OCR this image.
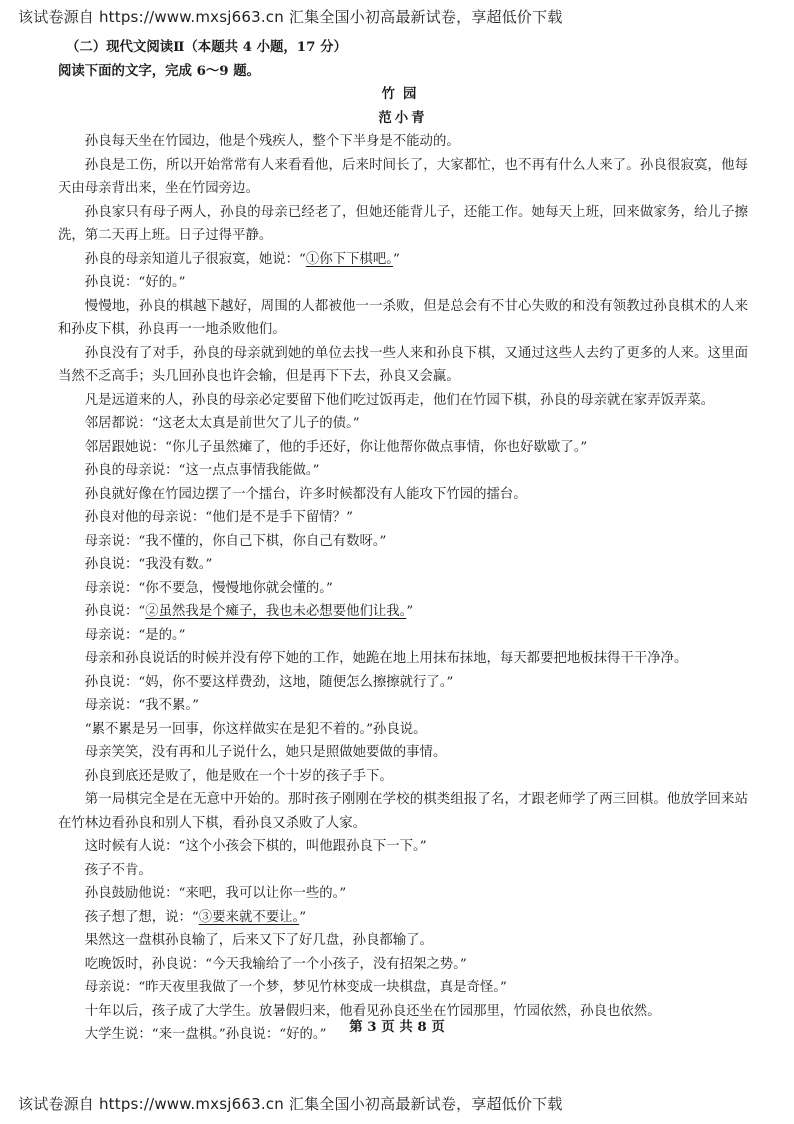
该试卷源自 https://www.mxsj663.cn 汇集全国小初高最新试卷，享超低价下载

（二）现代文阅读Ⅱ（本题共 4 小题，17 分）

阅读下面的文字，完成 6～9 题。

竹园

范小青

孙良每天坐在竹园边，他是个残疾人，整个下半身是不能动的。

孙良是工伤，所以开始常常有人来看看他，后来时间长了，大家都忙，也不再有什么人来了。孙良很寂寞，他每天由母亲背出来，坐在竹园旁边。

孙良家只有母子两人，孙良的母亲已经老了，但她还能背儿子，还能工作。她每天上班，回来做家务，给儿子擦洗，第二天再上班。日子过得平静。

孙良的母亲知道儿子很寂寞，她说：“①你下下棋吧。”

孙良说：“好的。”

慢慢地，孙良的棋越下越好，周围的人都被他一一杀败，但是总会有不甘心失败的和没有领教过孙良棋术的人来和孙皮下棋，孙良再一一地杀败他们。

孙良没有了对手，孙良的母亲就到她的单位去找一些人来和孙良下棋，又通过这些人去约了更多的人来。这里面当然不乏高手；头几回孙良也许会输，但是再下下去，孙良又会赢。

凡是远道来的人，孙良的母亲必定要留下他们吃过饭再走，他们在竹园下棋，孙良的母亲就在家弄饭弄菜。

邻居都说：“这老太太真是前世欠了儿子的债。”

邻居跟她说：“你儿子虽然瘫了，他的手还好，你让他帮你做点事情，你也好歇歇了。”

孙良的母亲说：“这一点点事情我能做。”

孙良就好像在竹园边摆了一个擂台，许多时候都没有人能攻下竹园的擂台。

孙良对他的母亲说：“他们是不是手下留情？”

母亲说：“我不懂的，你自己下棋，你自己有数呀。”

孙良说：“我没有数。”

母亲说：“你不要急，慢慢地你就会懂的。”

孙良说：“②虽然我是个瘫子，我也未必想要他们让我。”

母亲说：“是的。”

母亲和孙良说话的时候并没有停下她的工作，她跪在地上用抹布抹地，每天都要把地板抹得干干净净。

孙良说：“妈，你不要这样费劲，这地，随便怎么擦擦就行了。”

母亲说：“我不累。”

“累不累是另一回事，你这样做实在是犯不着的。”孙良说。

母亲笑笑，没有再和儿子说什么，她只是照做她要做的事情。

孙良到底还是败了，他是败在一个十岁的孩子手下。

第一局棋完全是在无意中开始的。那时孩子刚刚在学校的棋类组报了名，才跟老师学了两三回棋。他放学回来站在竹林边看孙良和别人下棋，看孙良又杀败了人家。

这时候有人说：“这个小孩会下棋的，叫他跟孙良下一下。”

孩子不肯。

孙良鼓励他说：“来吧，我可以让你一些的。”

孩子想了想，说：“③要来就不要让。”

果然这一盘棋孙良输了，后来又下了好几盘，孙良都输了。

吃晚饭时，孙良说：“今天我输给了一个小孩子，没有招架之势。”

母亲说：“昨天夜里我做了一个梦，梦见竹林变成一块棋盘，真是奇怪。”

十年以后，孩子成了大学生。放暑假归来，他看见孙良还坐在竹园那里，竹园依然，孙良也依然。

大学生说：“来一盘棋。”孙良说：“好的。”	第 3 页 共 8 页
该试卷源自 https://www.mxsj663.cn 汇集全国小初高最新试卷，享超低价下载
